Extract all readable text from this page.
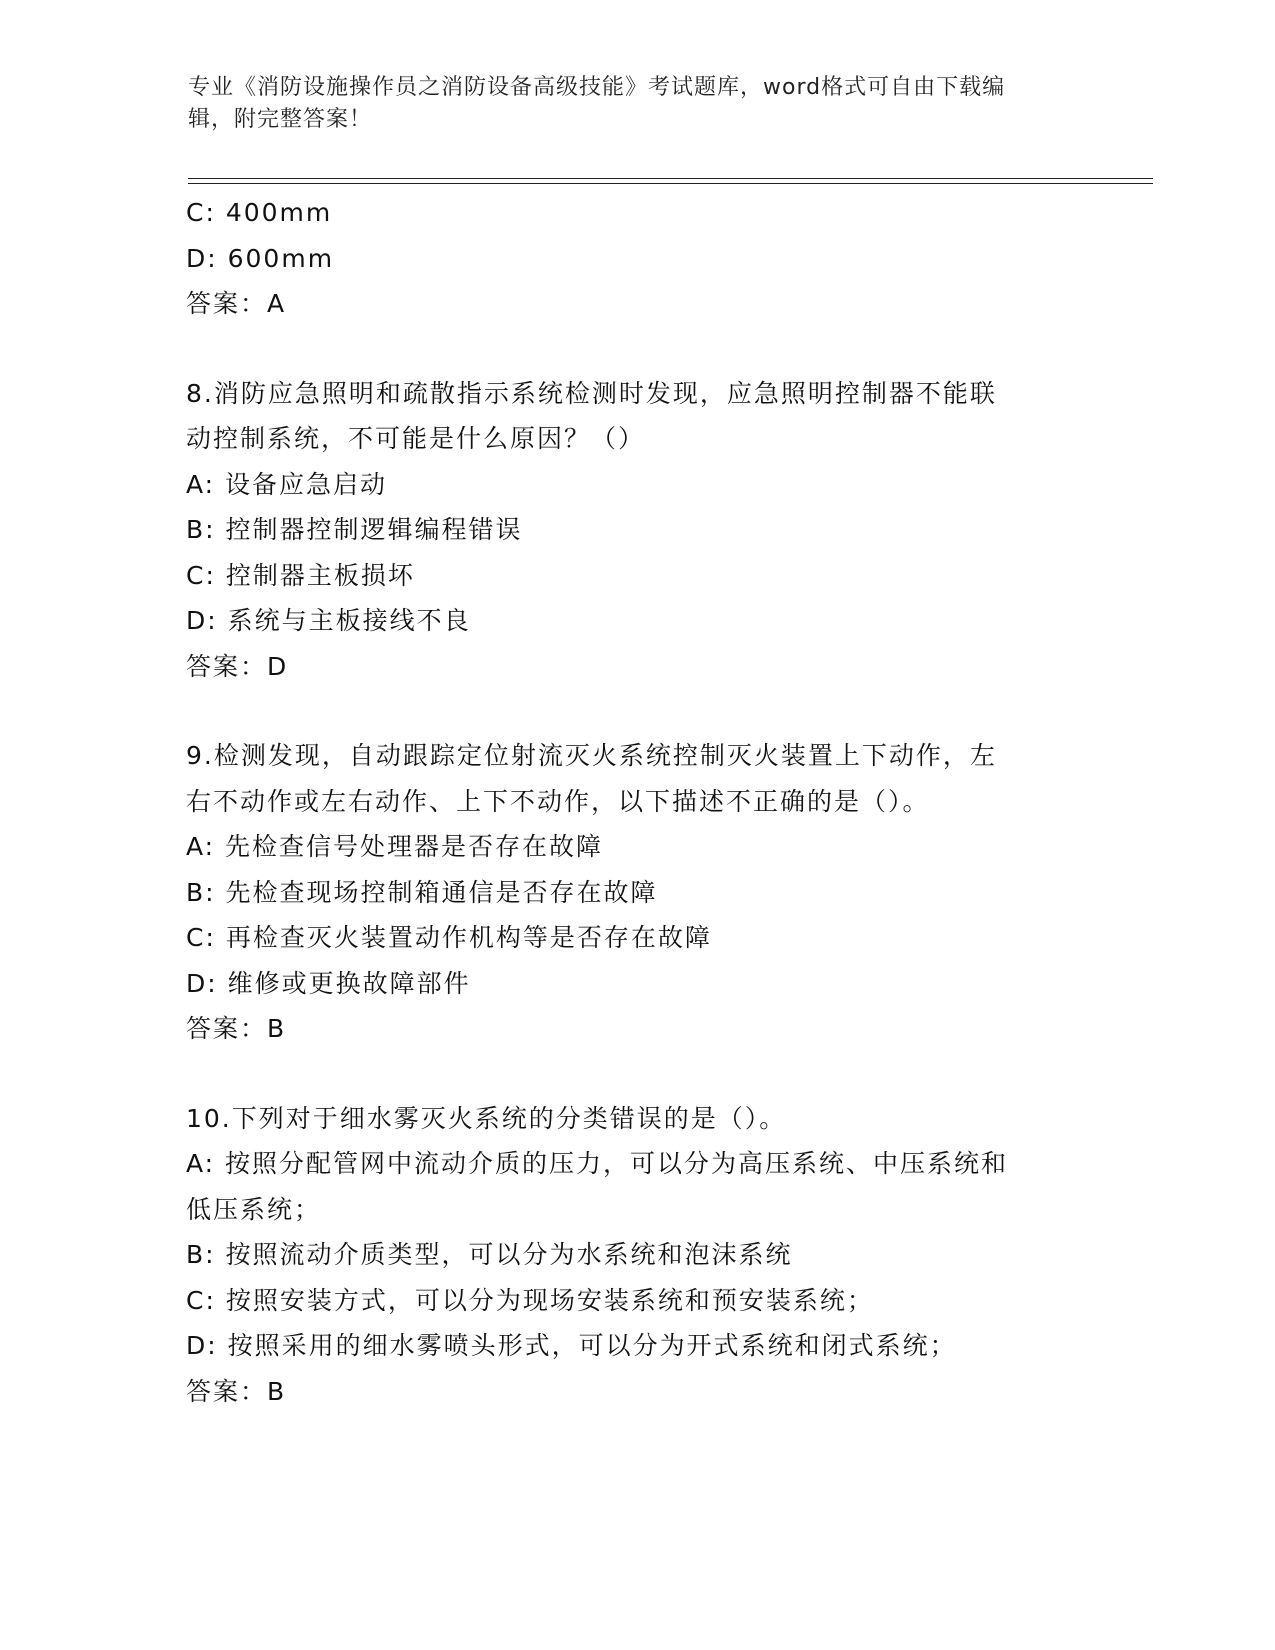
专业《消防设施操作员之消防设备高级技能》考试题库，word格式可自由下载编
辑，附完整答案！
C: 400mm
D: 600mm
答案：A
8.消防应急照明和疏散指示系统检测时发现，应急照明控制器不能联
动控制系统，不可能是什么原因？（）
A: 设备应急启动
B: 控制器控制逻辑编程错误
C: 控制器主板损坏
D: 系统与主板接线不良
答案：D
9.检测发现，自动跟踪定位射流灭火系统控制灭火装置上下动作，左
右不动作或左右动作、上下不动作，以下描述不正确的是（）。
A: 先检查信号处理器是否存在故障
B: 先检查现场控制箱通信是否存在故障
C: 再检查灭火装置动作机构等是否存在故障
D: 维修或更换故障部件
答案：B
10.下列对于细水雾灭火系统的分类错误的是（）。
A: 按照分配管网中流动介质的压力，可以分为高压系统、中压系统和
低压系统；
B: 按照流动介质类型，可以分为水系统和泡沫系统
C: 按照安装方式，可以分为现场安装系统和预安装系统；
D: 按照采用的细水雾喷头形式，可以分为开式系统和闭式系统；
答案：B
